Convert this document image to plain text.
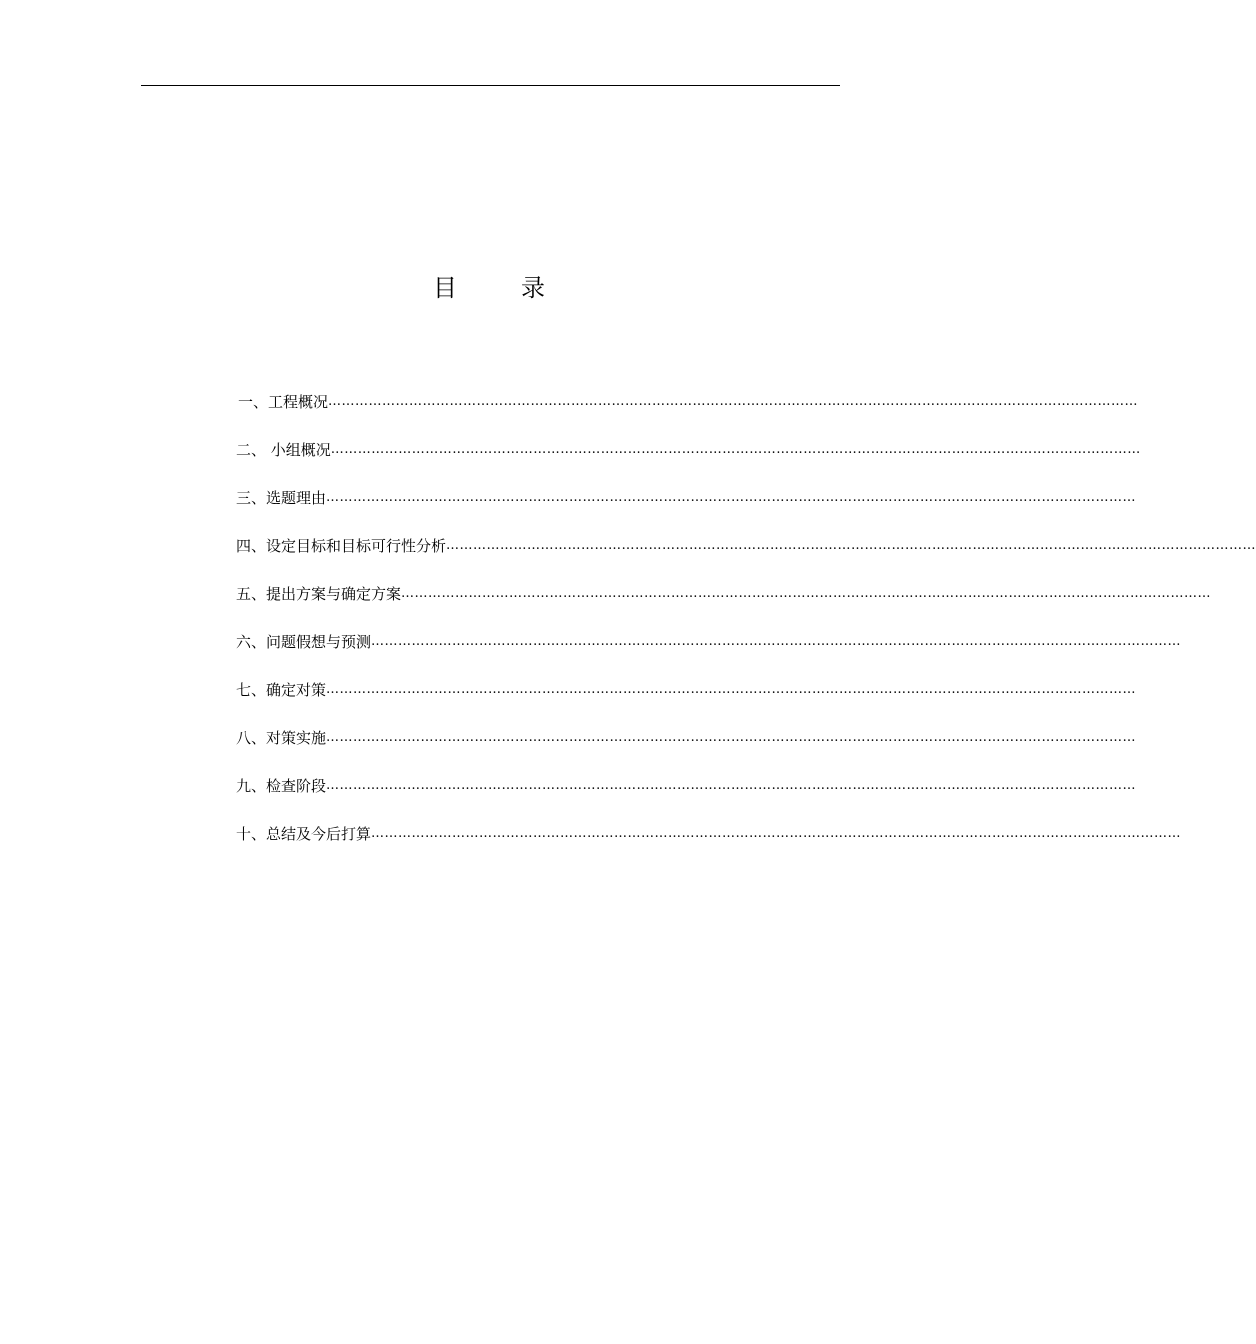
目	录
一、工程概况 ………………………………………………………………………………………………………………………………………………………………
二、 小组概况 ………………………………………………………………………………………………………………………………………………………………
三、选题理由 ………………………………………………………………………………………………………………………………………………………………
四、设定目标和目标可行性分析 ………………………………………………………………………………………………………………………………………………………………
五、提出方案与确定方案 ………………………………………………………………………………………………………………………………………………………………
六、问题假想与预测 ………………………………………………………………………………………………………………………………………………………………
七、确定对策 ………………………………………………………………………………………………………………………………………………………………
八、对策实施 ………………………………………………………………………………………………………………………………………………………………
九、检查阶段 ………………………………………………………………………………………………………………………………………………………………
十、总结及今后打算 ………………………………………………………………………………………………………………………………………………………………
